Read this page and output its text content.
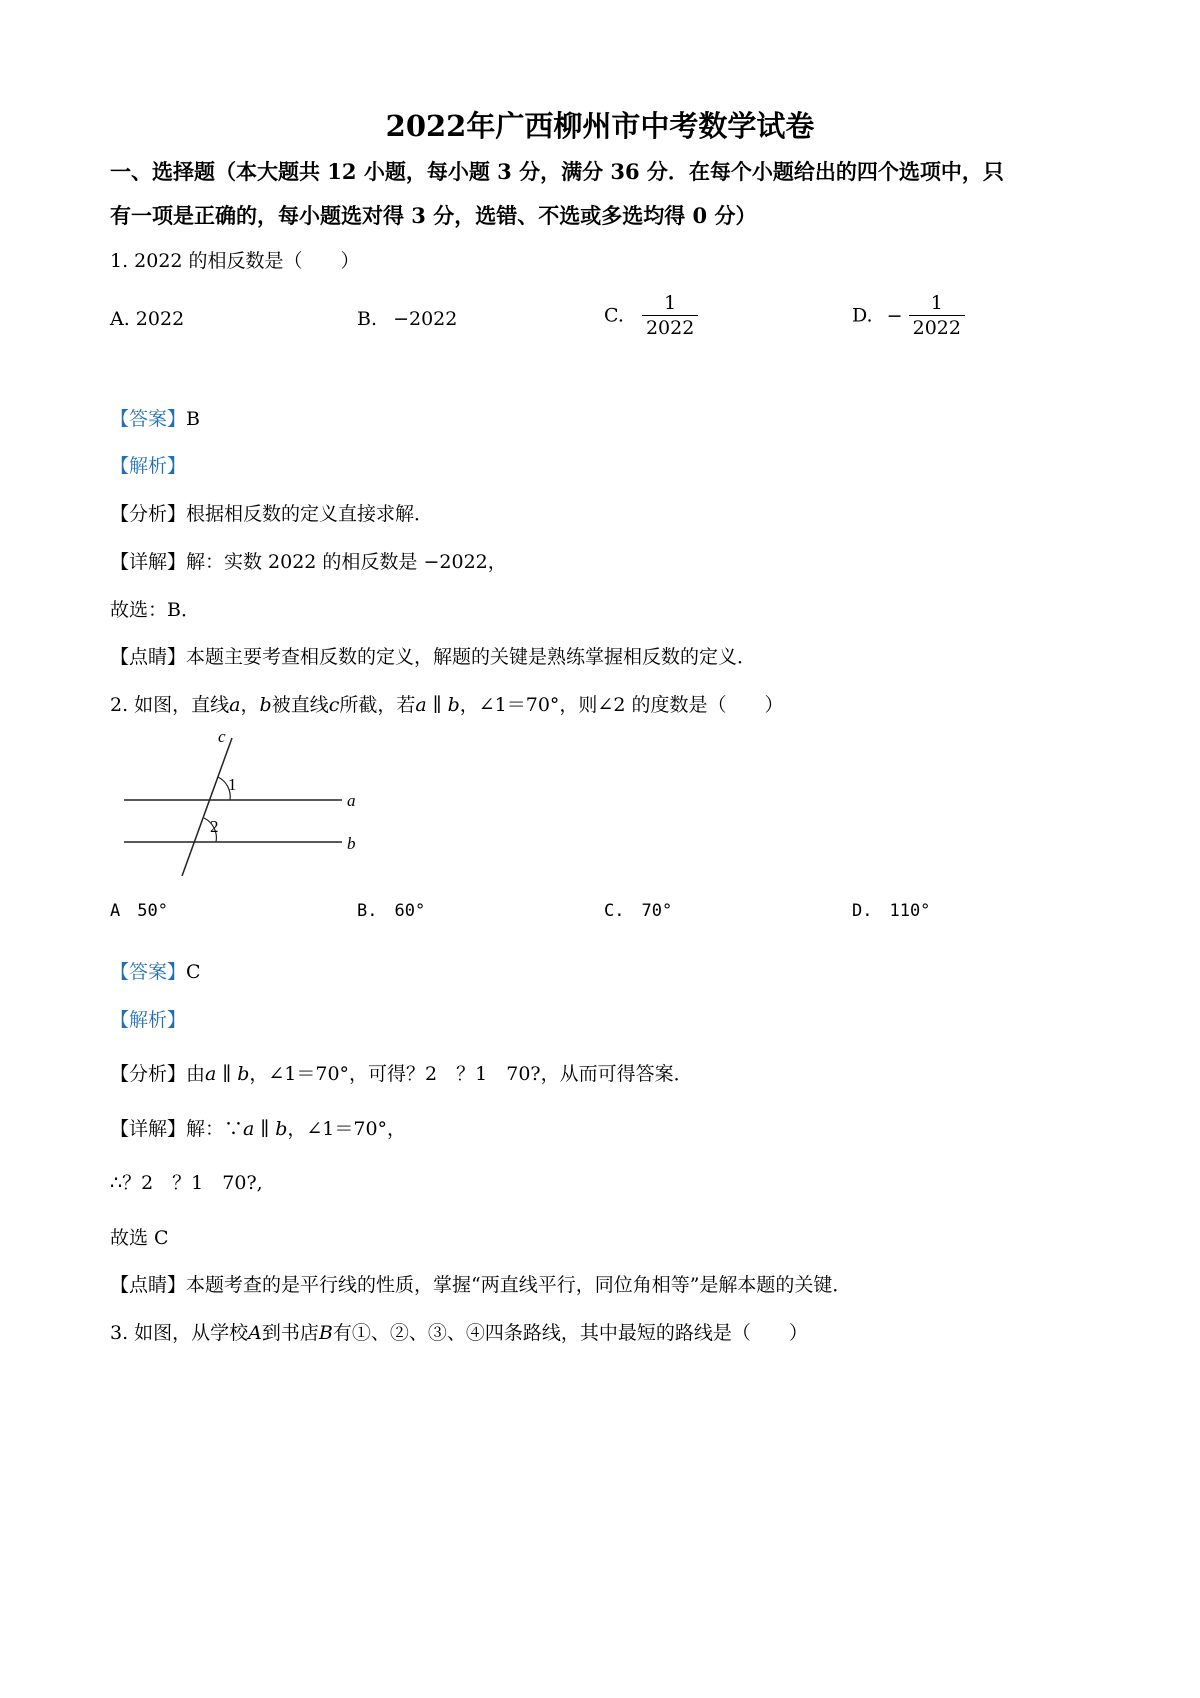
2022年广西柳州市中考数学试卷
一、选择题（本大题共 12 小题，每小题 3 分，满分 36 分．在每个小题给出的四个选项中，只
有一项是正确的，每小题选对得 3 分，选错、不选或多选均得 0 分）
1. 2022 的相反数是（　　）
A. 2022	B. −2022	C. $\frac{1}{2022}$	D. − $\frac{1}{2022}$
【答案】B
【解析】
【分析】根据相反数的定义直接求解．
【详解】解：实数 2022 的相反数是 −2022，
故选：B．
【点睛】本题主要考查相反数的定义，解题的关键是熟练掌握相反数的定义．
2. 如图，直线a，b被直线c所截，若a ∥ b，∠1＝70°，则∠2 的度数是（　　）
c
1
a
2
b
A　50°	B.　60°	C.　70°	D.　110°
【答案】C
【解析】
【分析】由a ∥ b，∠1＝70°，可得？2　？1　70?，从而可得答案．
【详解】解：∵a ∥ b，∠1＝70°，
∴？2　？1　70?,
故选 C
【点睛】本题考查的是平行线的性质，掌握“两直线平行，同位角相等”是解本题的关键．
3. 如图，从学校A到书店B有①、②、③、④四条路线，其中最短的路线是（　　）
